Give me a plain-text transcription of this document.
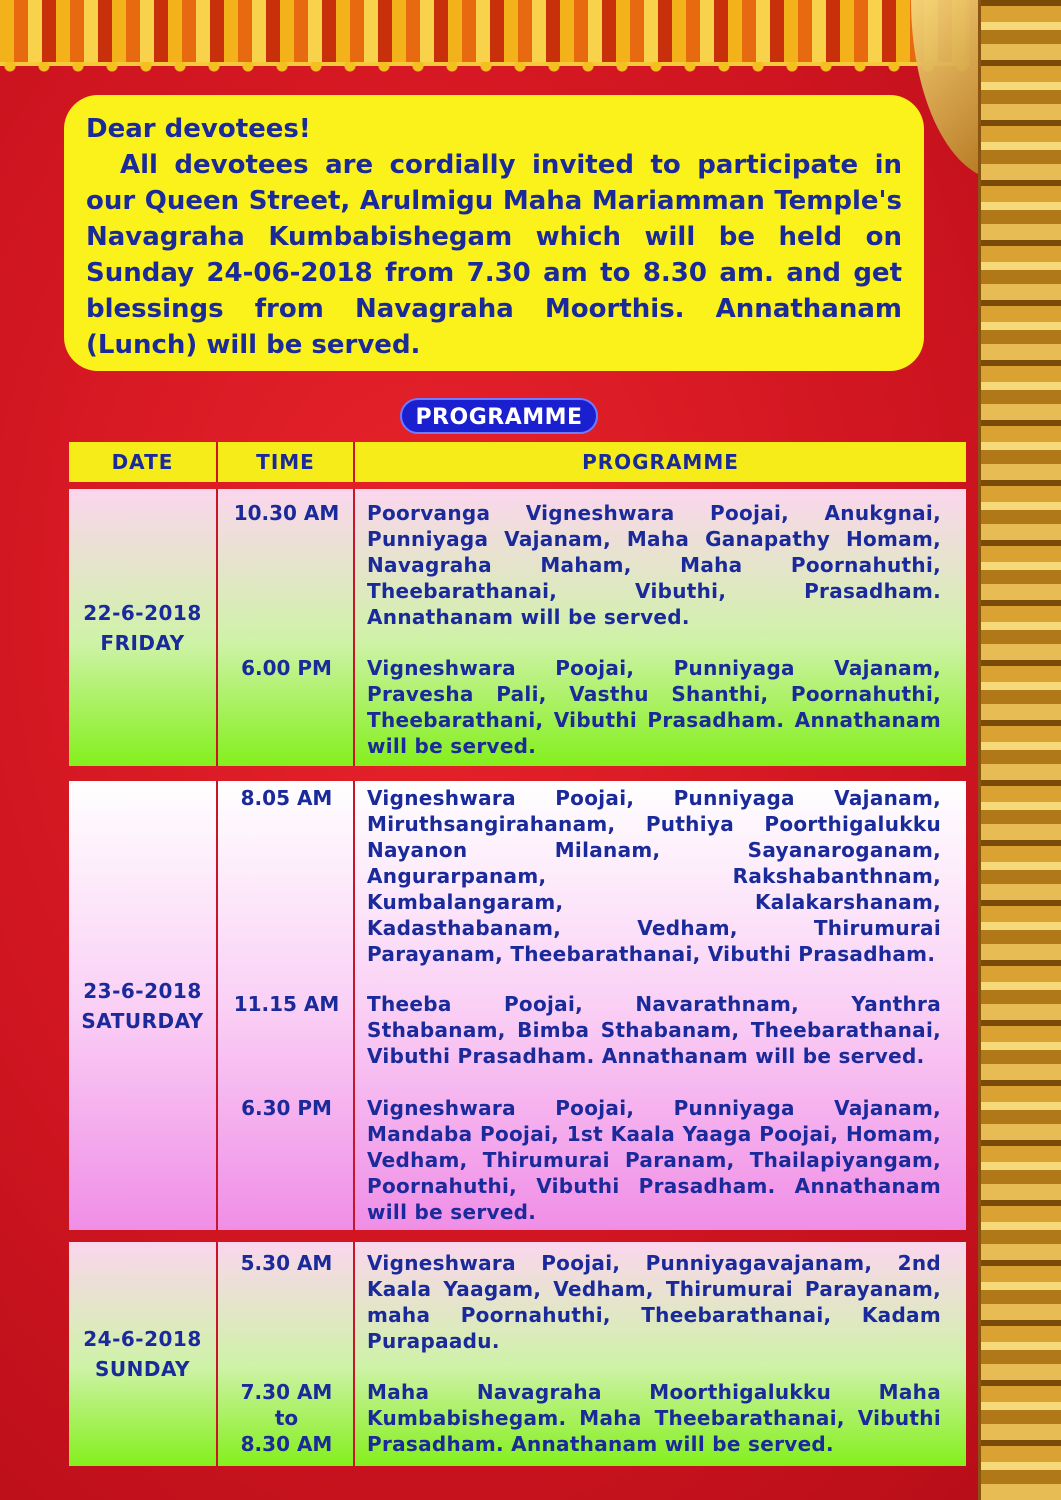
Dear devotees!
All devotees are cordially invited to participate in our Queen Street, Arulmigu Maha Mariamman Temple's Navagraha Kumbabishegam which will be held on Sunday 24-06-2018 from 7.30 am to 8.30 am. and get blessings from Navagraha Moorthis. Annathanam (Lunch) will be served.
PROGRAMME
DATE	TIME	PROGRAMME
22-6-2018
FRIDAY
10.30 AM
6.00 PM
Poorvanga Vigneshwara Poojai, Anukgnai, Punniyaga Vajanam, Maha Ganapathy Homam, Navagraha Maham, Maha Poornahuthi, Theebarathanai, Vibuthi, Prasadham. Annathanam will be served.
Vigneshwara Poojai, Punniyaga Vajanam, Pravesha Pali, Vasthu Shanthi, Poornahuthi, Theebarathani, Vibuthi Prasadham. Annathanam will be served.
23-6-2018
SATURDAY
8.05 AM
11.15 AM
6.30 PM
Vigneshwara Poojai, Punniyaga Vajanam, Miruthsangirahanam, Puthiya Poorthigalukku Nayanon Milanam, Sayanaroganam, Angurarpanam, Rakshabanthnam, Kumbalangaram, Kalakarshanam, Kadasthabanam, Vedham, Thirumurai Parayanam, Theebarathanai, Vibuthi Prasadham.
Theeba Poojai, Navarathnam, Yanthra Sthabanam, Bimba Sthabanam, Theebarathanai, Vibuthi Prasadham. Annathanam will be served.
Vigneshwara Poojai, Punniyaga Vajanam, Mandaba Poojai, 1st Kaala Yaaga Poojai, Homam, Vedham, Thirumurai Paranam, Thailapiyangam, Poornahuthi, Vibuthi Prasadham. Annathanam will be served.
24-6-2018
SUNDAY
5.30 AM
7.30 AM
to
8.30 AM
Vigneshwara Poojai, Punniyagavajanam, 2nd Kaala Yaagam, Vedham, Thirumurai Parayanam, maha Poornahuthi, Theebarathanai, Kadam Purapaadu.
Maha Navagraha Moorthigalukku Maha Kumbabishegam. Maha Theebarathanai, Vibuthi Prasadham. Annathanam will be served.
